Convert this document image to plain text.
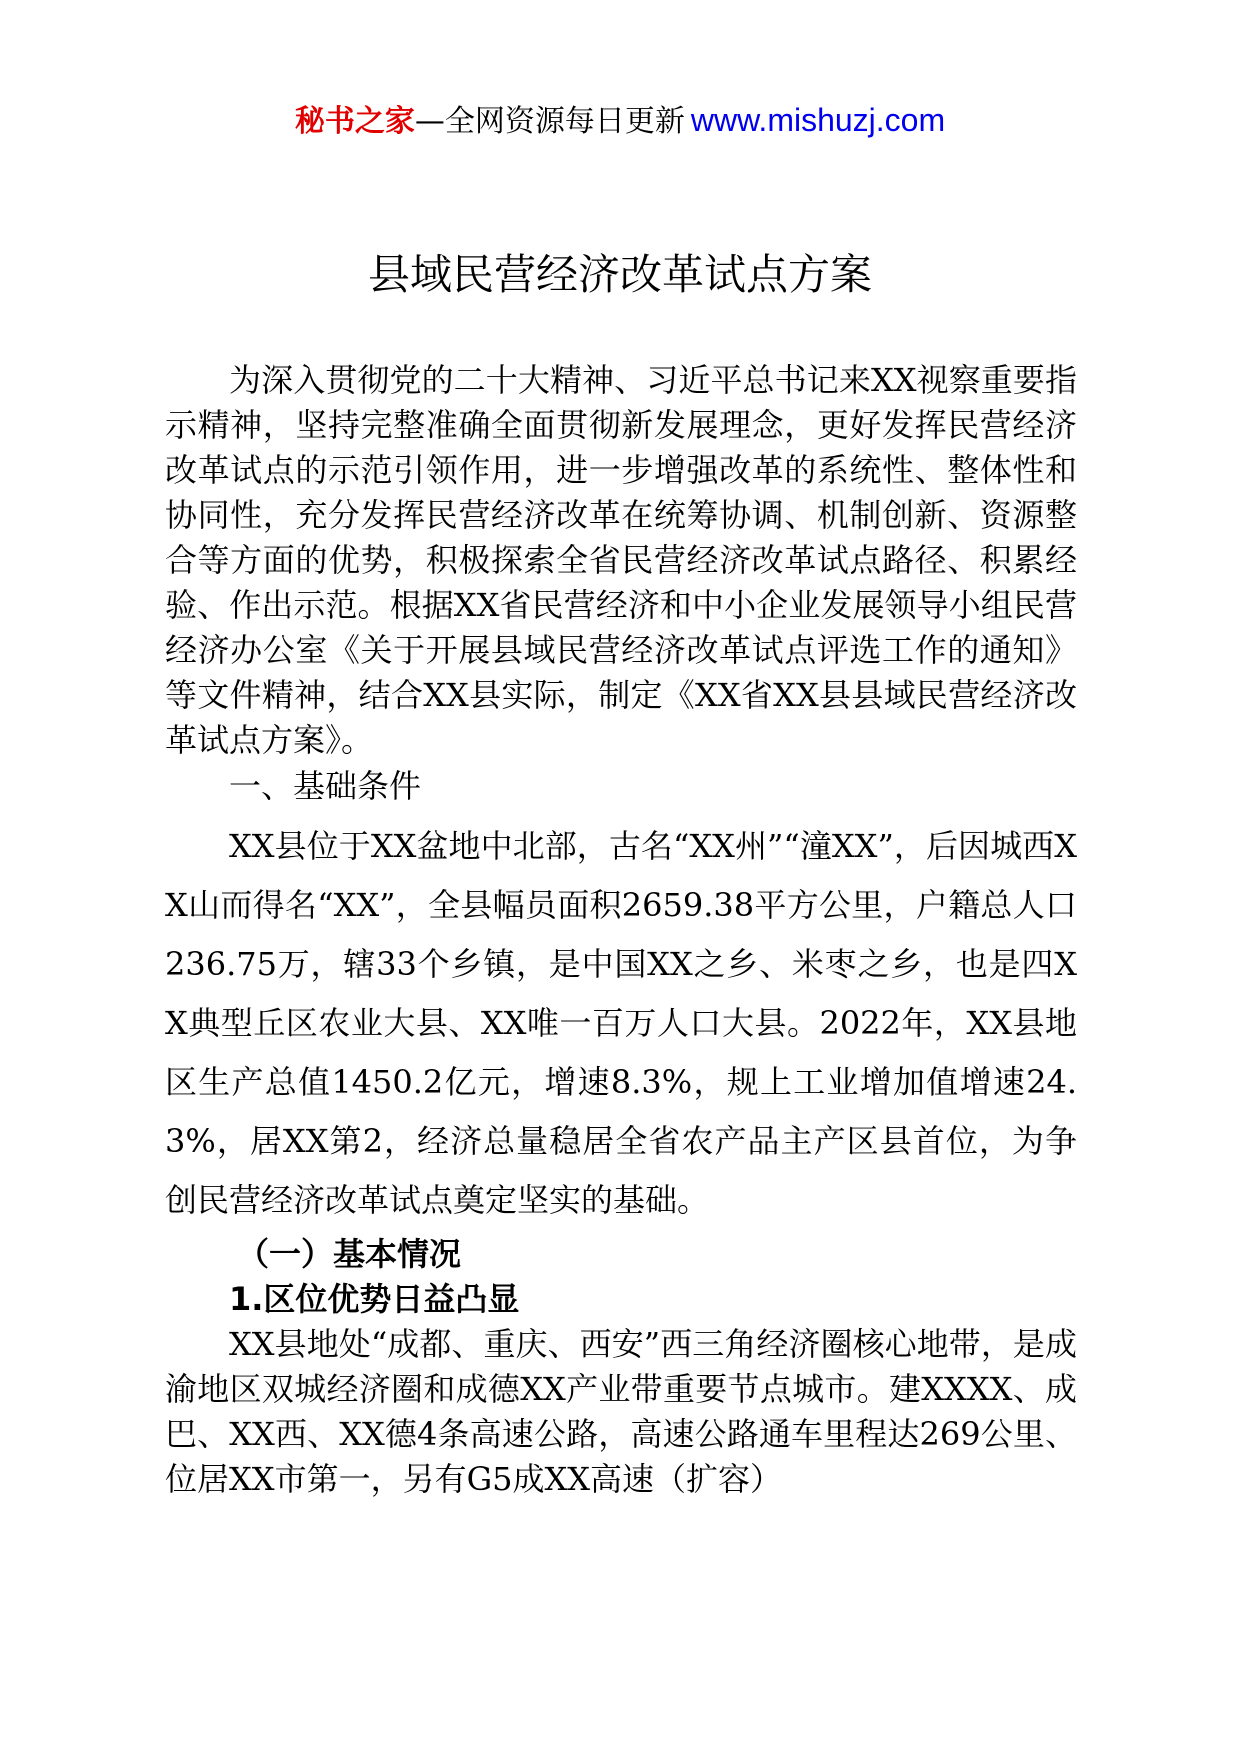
秘书之家—全网资源每日更新 www.mishuzj.com
县域民营经济改革试点方案

为深入贯彻党的二十大精神、习近平总书记来XX视察重要指示精神，坚持完整准确全面贯彻新发展理念，更好发挥民营经济改革试点的示范引领作用，进一步增强改革的系统性、整体性和协同性，充分发挥民营经济改革在统筹协调、机制创新、资源整合等方面的优势，积极探索全省民营经济改革试点路径、积累经验、作出示范。根据XX省民营经济和中小企业发展领导小组民营经济办公室《关于开展县域民营经济改革试点评选工作的通知》等文件精神，结合XX县实际，制定《XX省XX县县域民营经济改革试点方案》。

一、基础条件

XX县位于XX盆地中北部，古名“XX州”“潼XX”，后因城西XX山而得名“XX”，全县幅员面积2659.38平方公里，户籍总人口236.75万，辖33个乡镇，是中国XX之乡、米枣之乡，也是四XX典型丘区农业大县、XX唯一百万人口大县。2022年，XX县地区生产总值1450.2亿元，增速8.3%，规上工业增加值增速24.3%，居XX第2，经济总量稳居全省农产品主产区县首位，为争创民营经济改革试点奠定坚实的基础。

（一）基本情况

1.区位优势日益凸显

XX县地处“成都、重庆、西安”西三角经济圈核心地带，是成渝地区双城经济圈和成德XX产业带重要节点城市。建XXXX、成巴、XX西、XX德4条高速公路，高速公路通车里程达269公里、位居XX市第一，另有G5成XX高速（扩容）
